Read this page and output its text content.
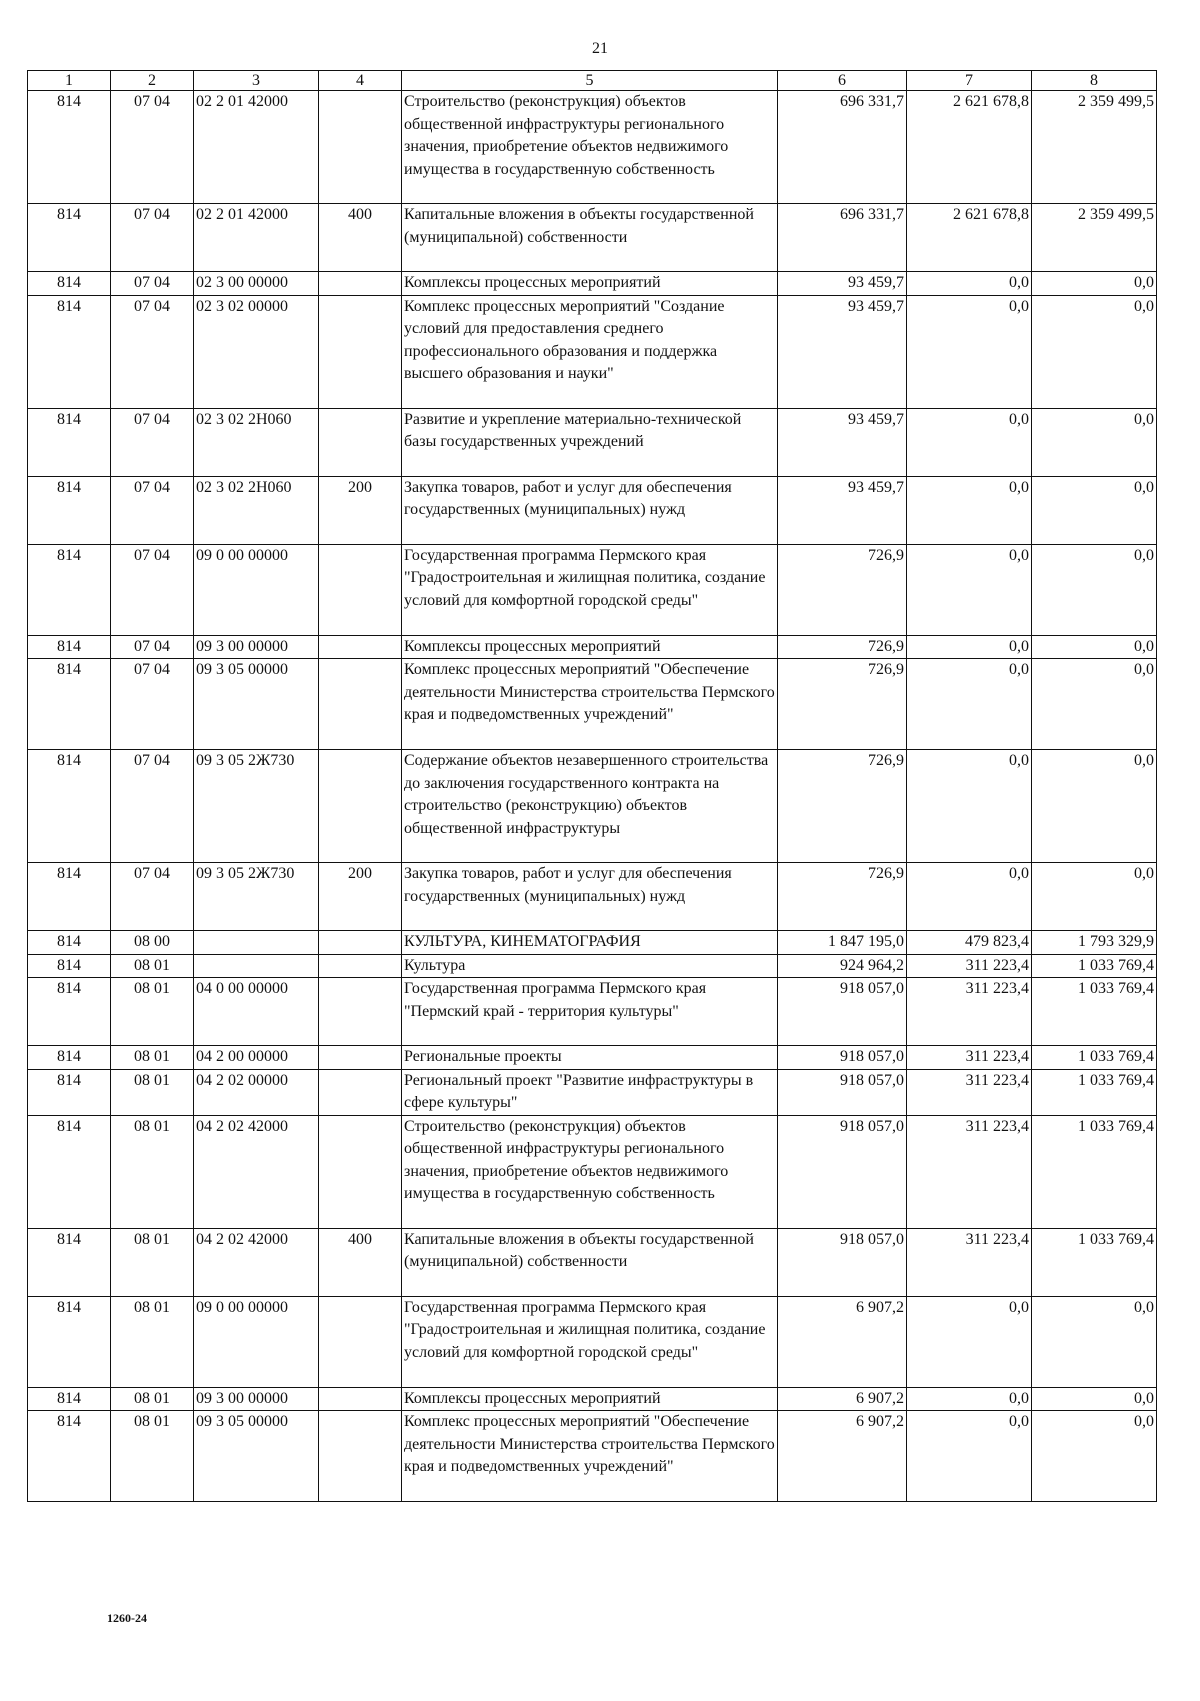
21
1	2	3	4	5	6	7	8
814	07 04	02 2 01 42000		Строительство (реконструкция) объектов общественной инфраструктуры регионального значения, приобретение объектов недвижимого имущества в государственную собственность	696 331,7	2 621 678,8	2 359 499,5
814	07 04	02 2 01 42000	400	Капитальные вложения в объекты государственной (муниципальной) собственности	696 331,7	2 621 678,8	2 359 499,5
814	07 04	02 3 00 00000		Комплексы процессных мероприятий	93 459,7	0,0	0,0
814	07 04	02 3 02 00000		Комплекс процессных мероприятий "Создание условий для предоставления среднего профессионального образования и поддержка высшего образования и науки"	93 459,7	0,0	0,0
814	07 04	02 3 02 2Н060		Развитие и укрепление материально-технической базы государственных учреждений	93 459,7	0,0	0,0
814	07 04	02 3 02 2Н060	200	Закупка товаров, работ и услуг для обеспечения государственных (муниципальных) нужд	93 459,7	0,0	0,0
814	07 04	09 0 00 00000		Государственная программа Пермского края "Градостроительная и жилищная политика, создание условий для комфортной городской среды"	726,9	0,0	0,0
814	07 04	09 3 00 00000		Комплексы процессных мероприятий	726,9	0,0	0,0
814	07 04	09 3 05 00000		Комплекс процессных мероприятий "Обеспечение деятельности Министерства строительства Пермского края и подведомственных учреждений"	726,9	0,0	0,0
814	07 04	09 3 05 2Ж730		Содержание объектов незавершенного строительства до заключения государственного контракта на строительство (реконструкцию) объектов общественной инфраструктуры	726,9	0,0	0,0
814	07 04	09 3 05 2Ж730	200	Закупка товаров, работ и услуг для обеспечения государственных (муниципальных) нужд	726,9	0,0	0,0
814	08 00			КУЛЬТУРА, КИНЕМАТОГРАФИЯ	1 847 195,0	479 823,4	1 793 329,9
814	08 01			Культура	924 964,2	311 223,4	1 033 769,4
814	08 01	04 0 00 00000		Государственная программа Пермского края "Пермский край - территория культуры"	918 057,0	311 223,4	1 033 769,4
814	08 01	04 2 00 00000		Региональные проекты	918 057,0	311 223,4	1 033 769,4
814	08 01	04 2 02 00000		Региональный проект "Развитие инфраструктуры в сфере культуры"	918 057,0	311 223,4	1 033 769,4
814	08 01	04 2 02 42000		Строительство (реконструкция) объектов общественной инфраструктуры регионального значения, приобретение объектов недвижимого имущества в государственную собственность	918 057,0	311 223,4	1 033 769,4
814	08 01	04 2 02 42000	400	Капитальные вложения в объекты государственной (муниципальной) собственности	918 057,0	311 223,4	1 033 769,4
814	08 01	09 0 00 00000		Государственная программа Пермского края "Градостроительная и жилищная политика, создание условий для комфортной городской среды"	6 907,2	0,0	0,0
814	08 01	09 3 00 00000		Комплексы процессных мероприятий	6 907,2	0,0	0,0
814	08 01	09 3 05 00000		Комплекс процессных мероприятий "Обеспечение деятельности Министерства строительства Пермского края и подведомственных учреждений"	6 907,2	0,0	0,0
1260-24
